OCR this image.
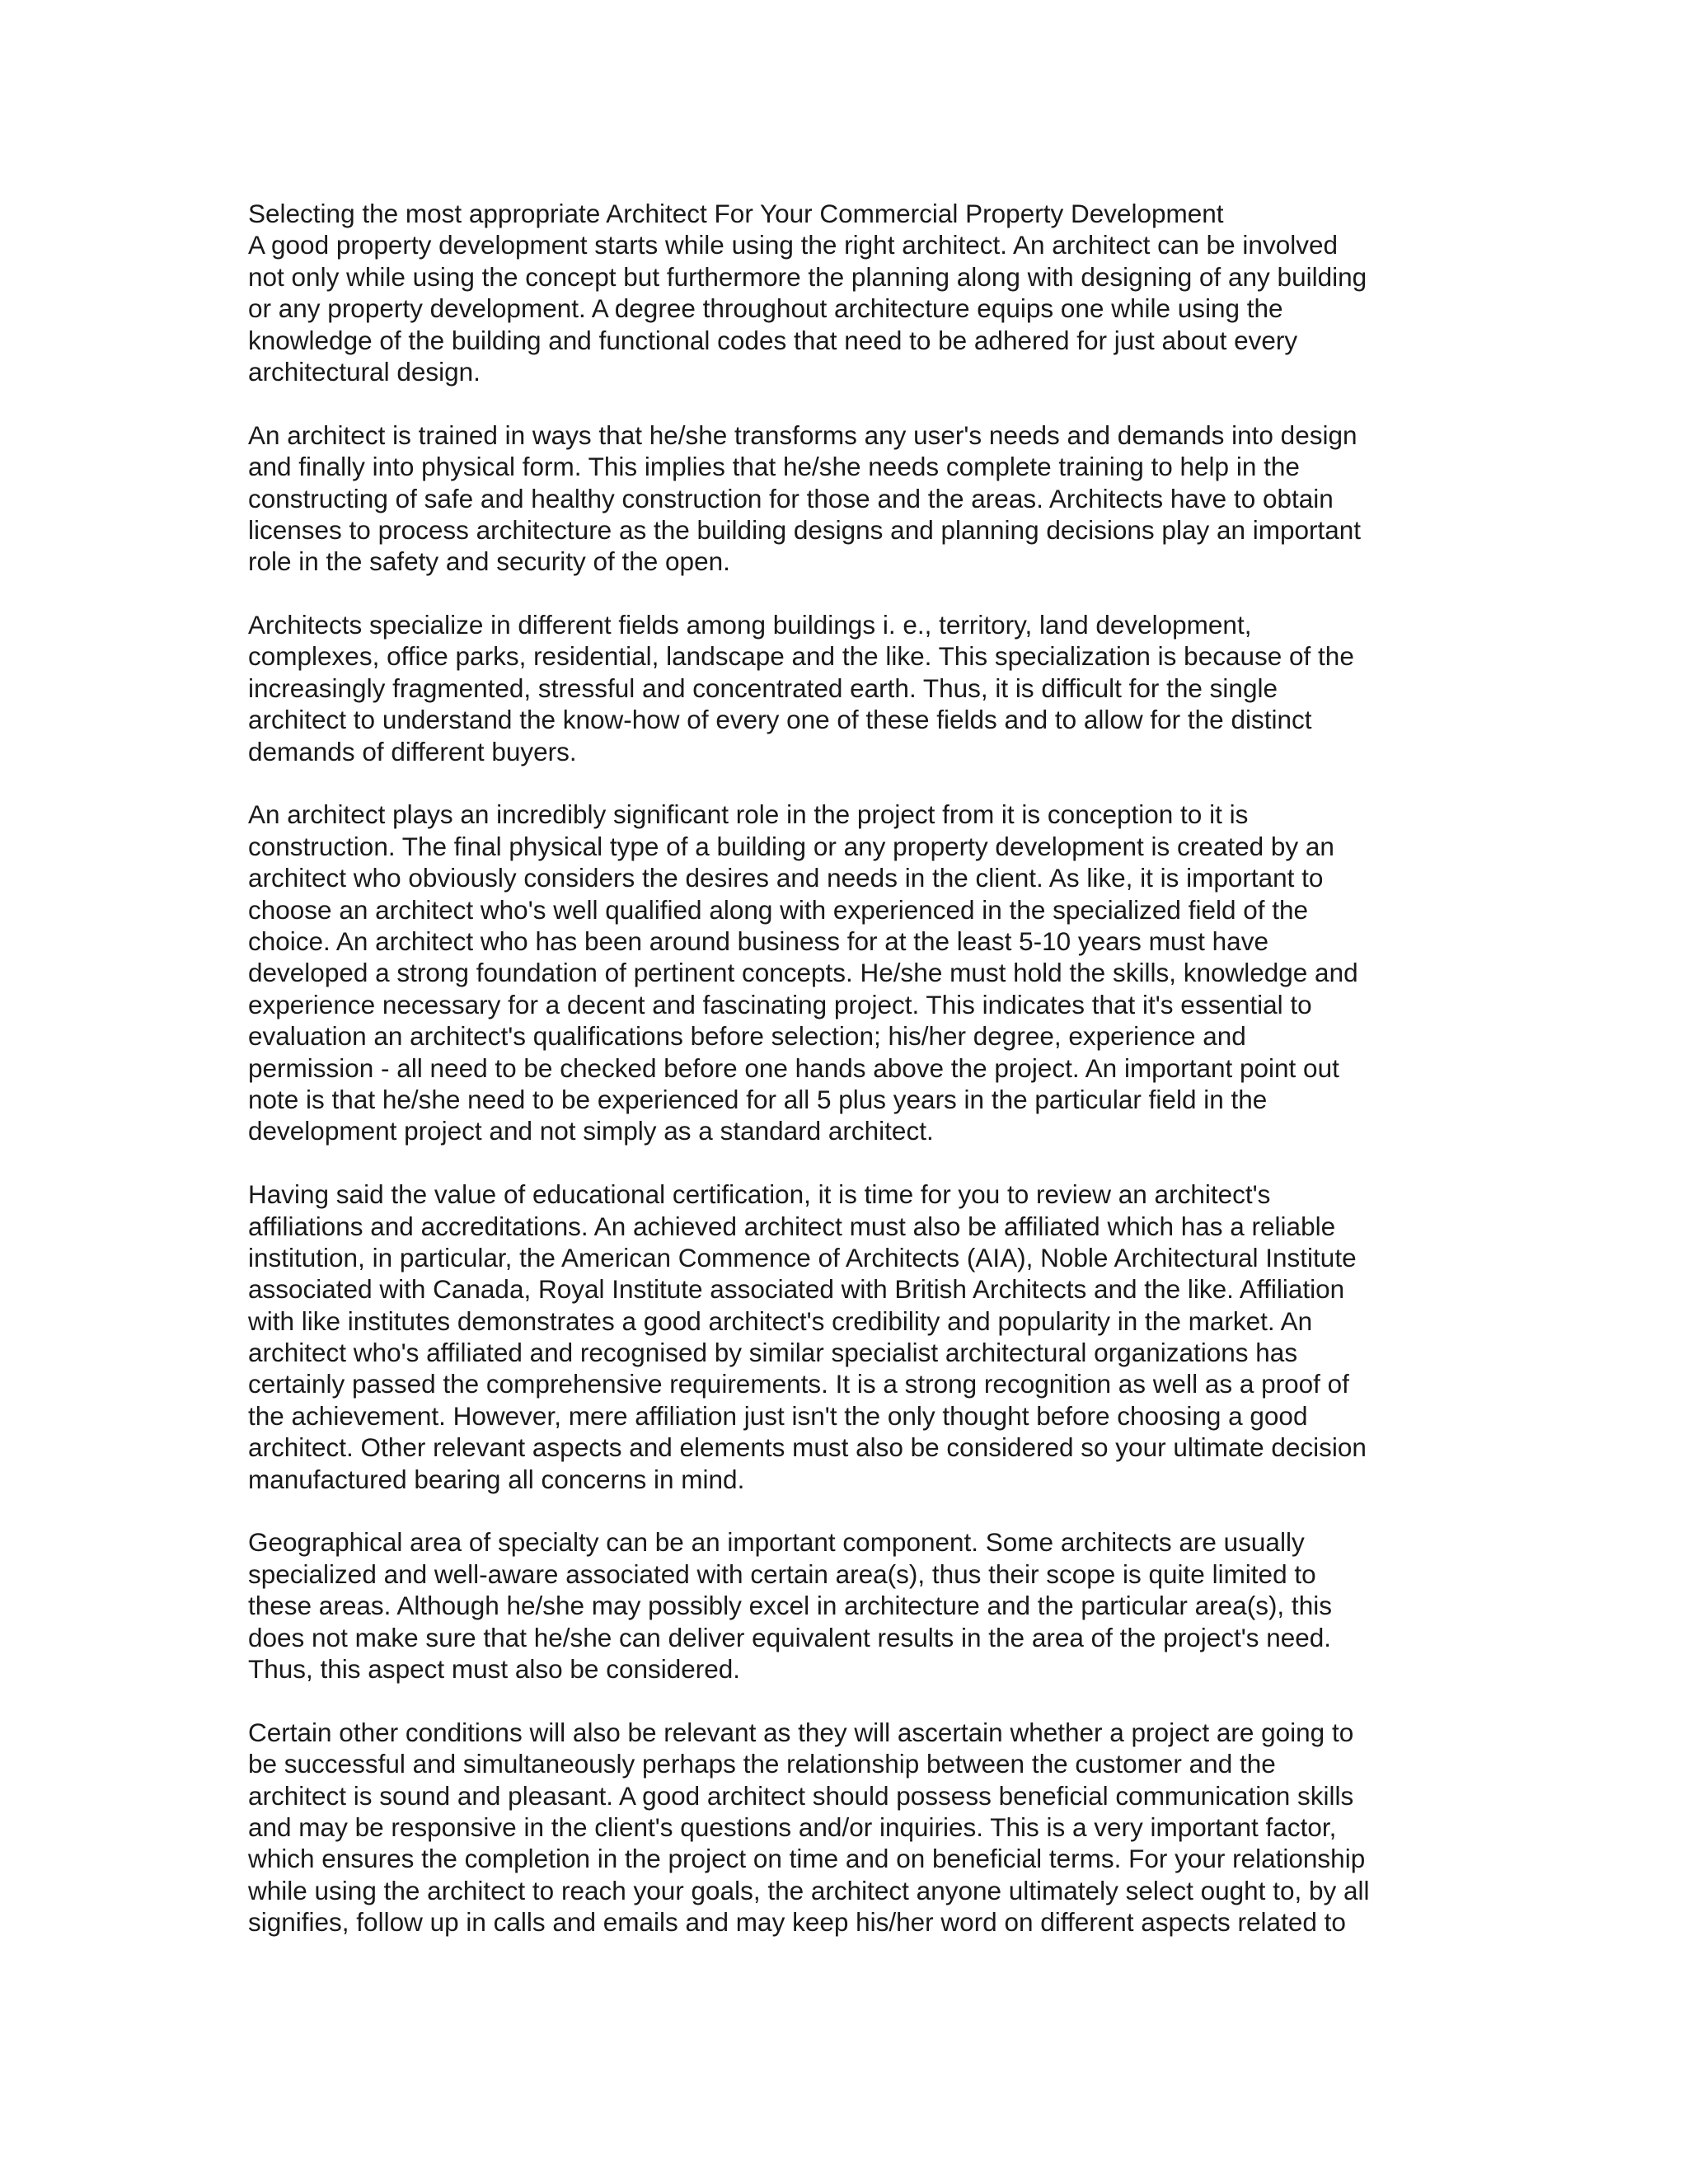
Selecting the most appropriate Architect For Your Commercial Property Development
A good property development starts while using the right architect. An architect can be involved
not only while using the concept but furthermore the planning along with designing of any building
or any property development. A degree throughout architecture equips one while using the
knowledge of the building and functional codes that need to be adhered for just about every
architectural design.
An architect is trained in ways that he/she transforms any user's needs and demands into design
and finally into physical form. This implies that he/she needs complete training to help in the
constructing of safe and healthy construction for those and the areas. Architects have to obtain
licenses to process architecture as the building designs and planning decisions play an important
role in the safety and security of the open.
Architects specialize in different fields among buildings i. e., territory, land development,
complexes, office parks, residential, landscape and the like. This specialization is because of the
increasingly fragmented, stressful and concentrated earth. Thus, it is difficult for the single
architect to understand the know-how of every one of these fields and to allow for the distinct
demands of different buyers.
An architect plays an incredibly significant role in the project from it is conception to it is
construction. The final physical type of a building or any property development is created by an
architect who obviously considers the desires and needs in the client. As like, it is important to
choose an architect who's well qualified along with experienced in the specialized field of the
choice. An architect who has been around business for at the least 5-10 years must have
developed a strong foundation of pertinent concepts. He/she must hold the skills, knowledge and
experience necessary for a decent and fascinating project. This indicates that it's essential to
evaluation an architect's qualifications before selection; his/her degree, experience and
permission - all need to be checked before one hands above the project. An important point out
note is that he/she need to be experienced for all 5 plus years in the particular field in the
development project and not simply as a standard architect.
Having said the value of educational certification, it is time for you to review an architect's
affiliations and accreditations. An achieved architect must also be affiliated which has a reliable
institution, in particular, the American Commence of Architects (AIA), Noble Architectural Institute
associated with Canada, Royal Institute associated with British Architects and the like. Affiliation
with like institutes demonstrates a good architect's credibility and popularity in the market. An
architect who's affiliated and recognised by similar specialist architectural organizations has
certainly passed the comprehensive requirements. It is a strong recognition as well as a proof of
the achievement. However, mere affiliation just isn't the only thought before choosing a good
architect. Other relevant aspects and elements must also be considered so your ultimate decision
manufactured bearing all concerns in mind.
Geographical area of specialty can be an important component. Some architects are usually
specialized and well-aware associated with certain area(s), thus their scope is quite limited to
these areas. Although he/she may possibly excel in architecture and the particular area(s), this
does not make sure that he/she can deliver equivalent results in the area of the project's need.
Thus, this aspect must also be considered.
Certain other conditions will also be relevant as they will ascertain whether a project are going to
be successful and simultaneously perhaps the relationship between the customer and the
architect is sound and pleasant. A good architect should possess beneficial communication skills
and may be responsive in the client's questions and/or inquiries. This is a very important factor,
which ensures the completion in the project on time and on beneficial terms. For your relationship
while using the architect to reach your goals, the architect anyone ultimately select ought to, by all
signifies, follow up in calls and emails and may keep his/her word on different aspects related to
